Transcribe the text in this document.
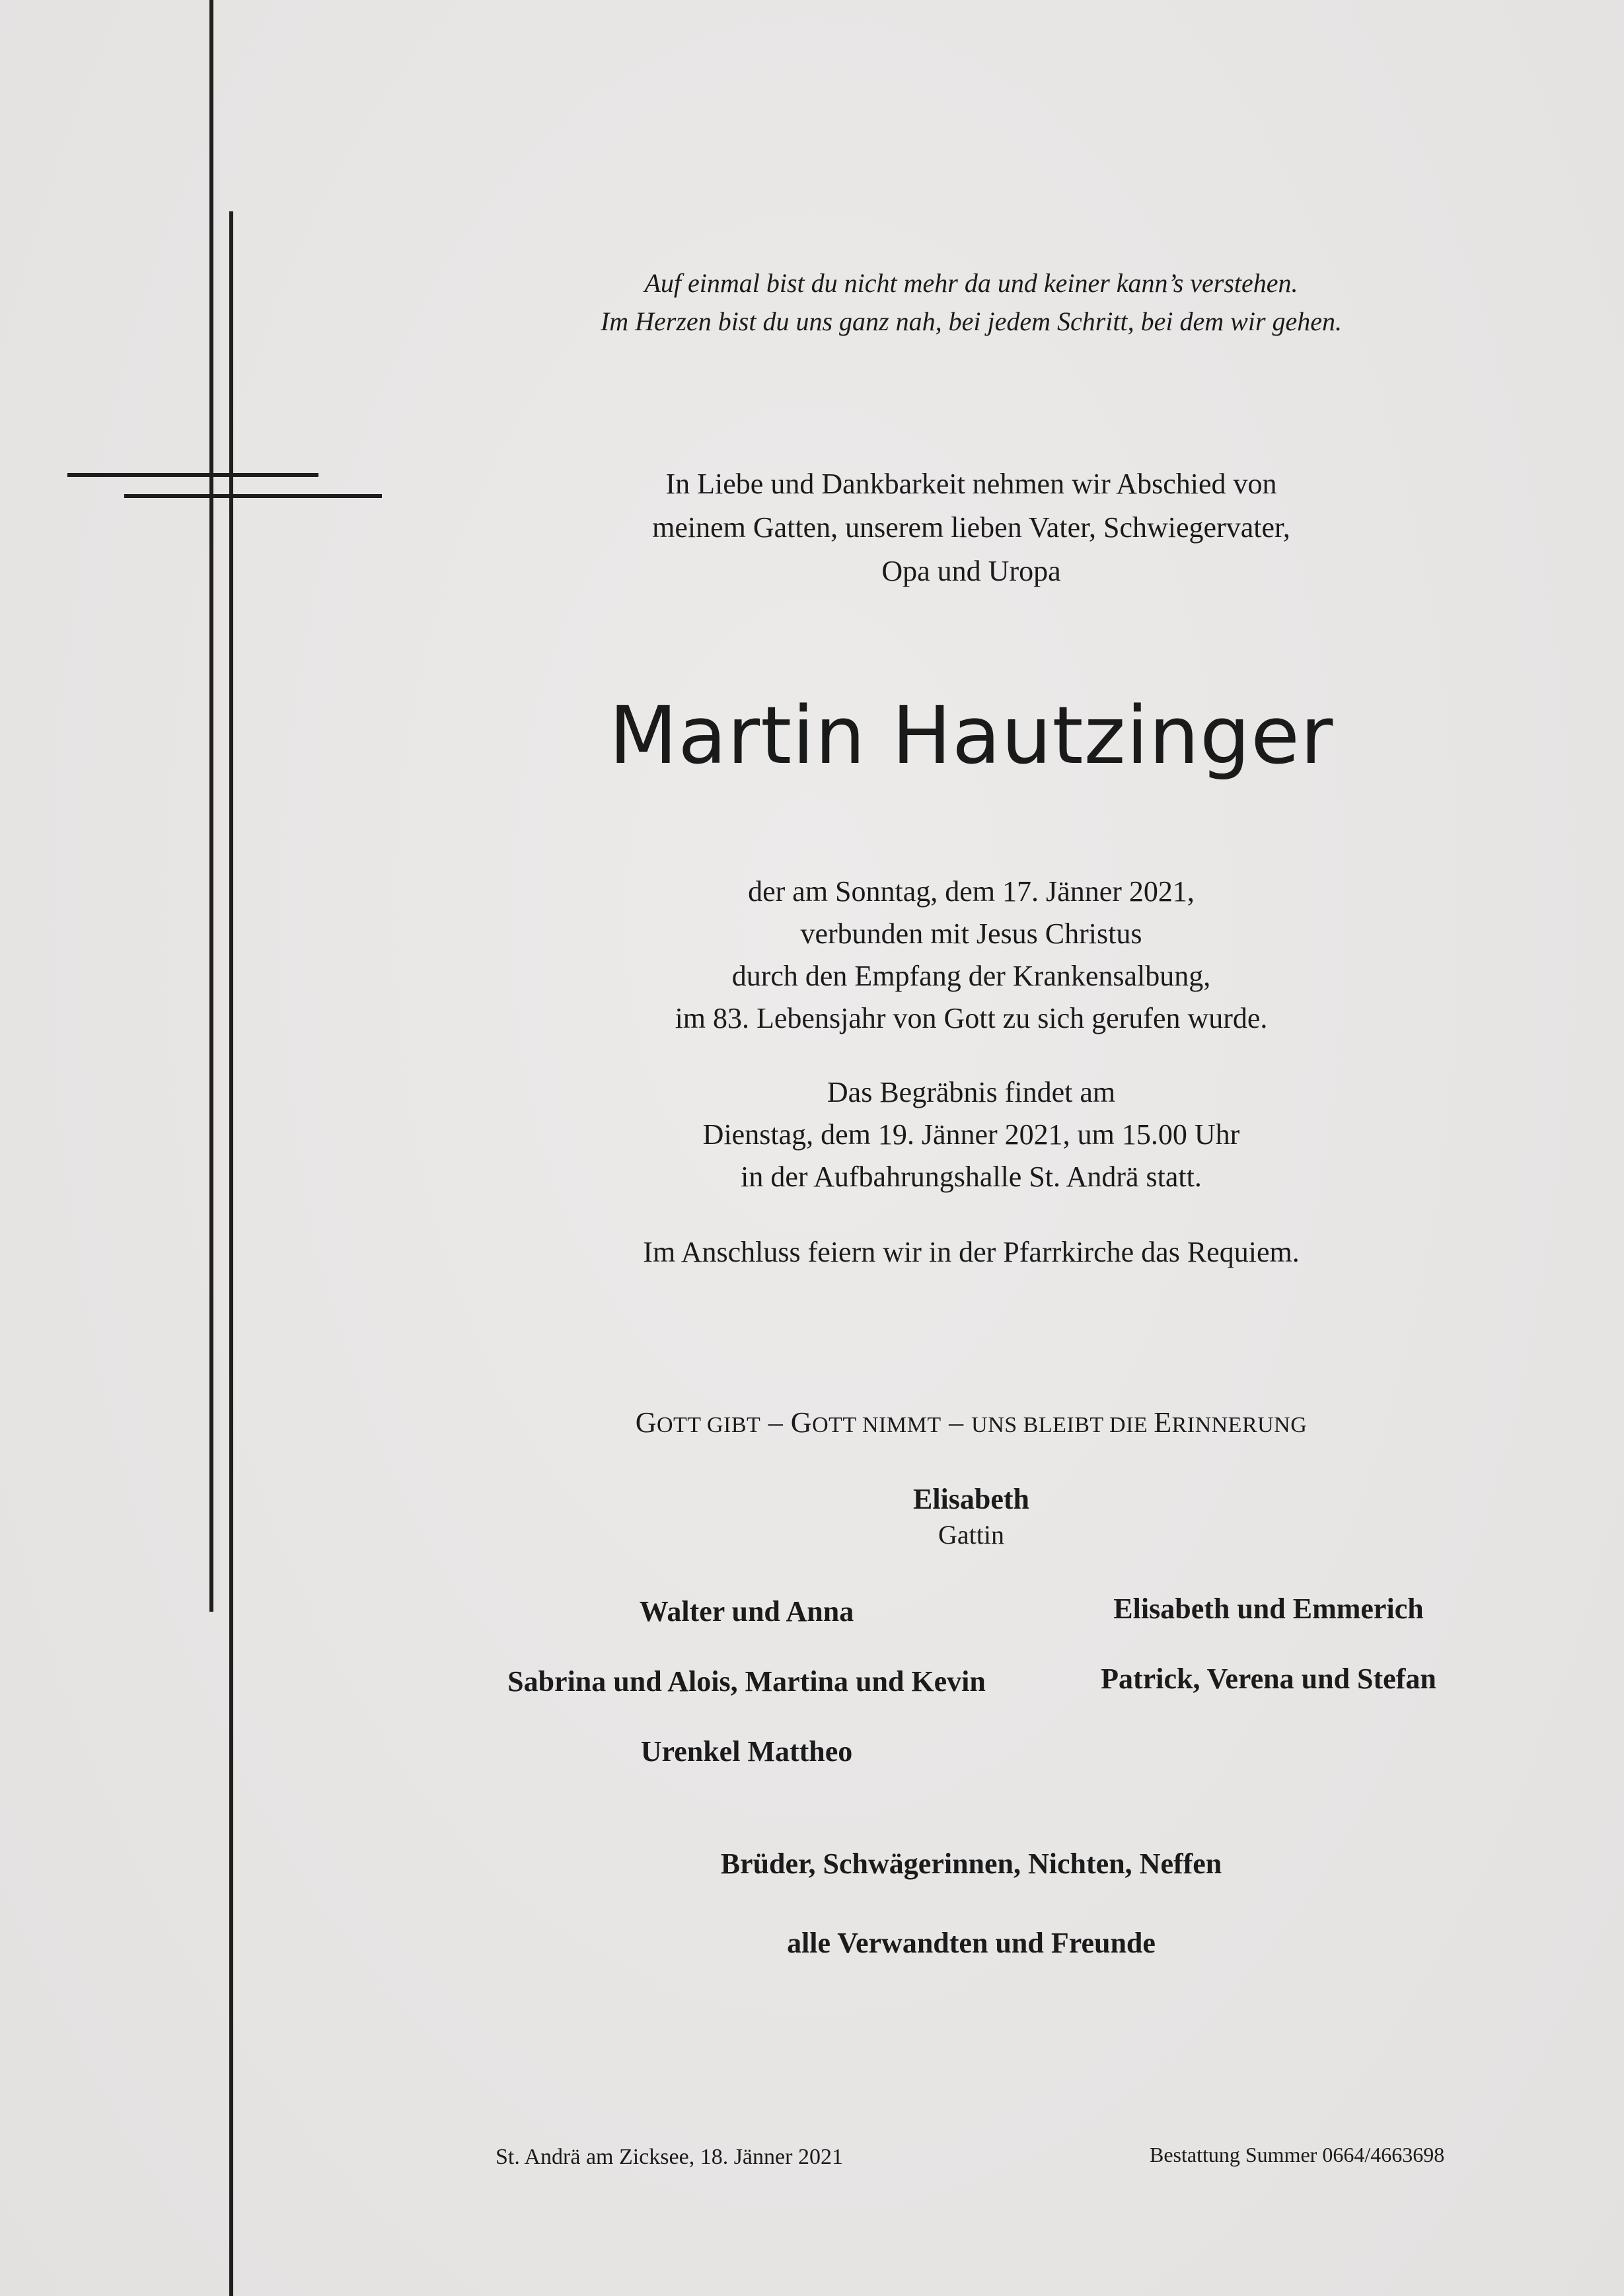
Auf einmal bist du nicht mehr da und keiner kann’s verstehen.
Im Herzen bist du uns ganz nah, bei jedem Schritt, bei dem wir gehen.
In Liebe und Dankbarkeit nehmen wir Abschied von
meinem Gatten, unserem lieben Vater, Schwiegervater,
Opa und Uropa
Martin Hautzinger
der am Sonntag, dem 17. Jänner 2021,
verbunden mit Jesus Christus
durch den Empfang der Krankensalbung,
im 83. Lebensjahr von Gott zu sich gerufen wurde.
Das Begräbnis findet am
Dienstag, dem 19. Jänner 2021, um 15.00 Uhr
in der Aufbahrungshalle St. Andrä statt.
Im Anschluss feiern wir in der Pfarrkirche das Requiem.
GOTT GIBT – GOTT NIMMT – UNS BLEIBT DIE ERINNERUNG
Elisabeth
Gattin
Walter und Anna
Sabrina und Alois, Martina und Kevin
Urenkel Mattheo
Elisabeth und Emmerich
Patrick, Verena und Stefan
Brüder, Schwägerinnen, Nichten, Neffen
alle Verwandten und Freunde
St. Andrä am Zicksee, 18. Jänner 2021	Bestattung Summer 0664/4663698
